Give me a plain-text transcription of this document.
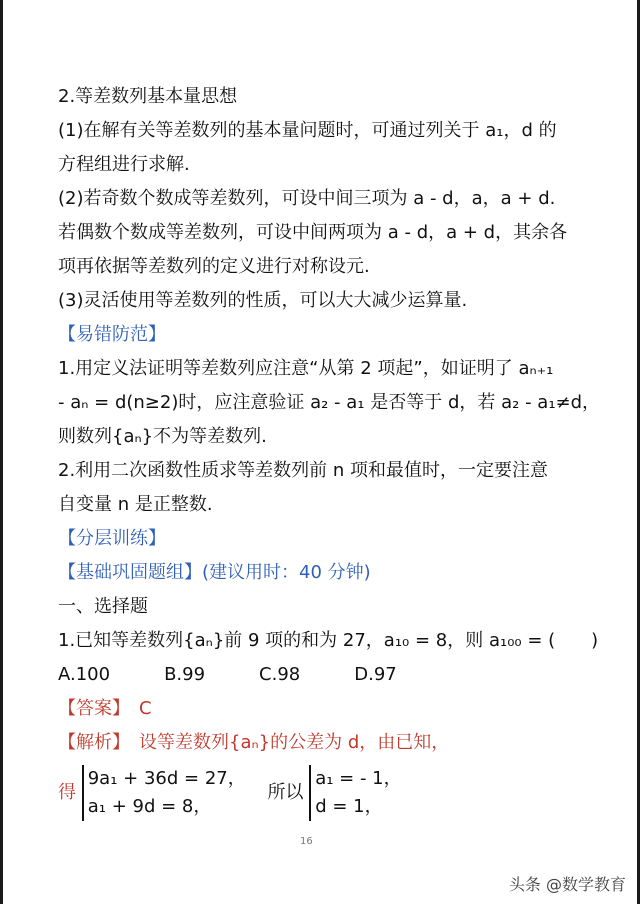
2.等差数列基本量思想
(1)在解有关等差数列的基本量问题时，可通过列关于 a₁，d 的
方程组进行求解.
(2)若奇数个数成等差数列，可设中间三项为 a - d，a，a + d.
若偶数个数成等差数列，可设中间两项为 a - d，a + d，其余各
项再依据等差数列的定义进行对称设元.
(3)灵活使用等差数列的性质，可以大大减少运算量.
【易错防范】
1.用定义法证明等差数列应注意“从第 2 项起”，如证明了 aₙ₊₁
- aₙ = d(n≥2)时，应注意验证 a₂ - a₁ 是否等于 d，若 a₂ - a₁≠d，
则数列{aₙ}不为等差数列.
2.利用二次函数性质求等差数列前 n 项和最值时，一定要注意
自变量 n 是正整数.
【分层训练】
【基础巩固题组】(建议用时：40 分钟)
一、选择题
1.已知等差数列{aₙ}前 9 项的和为 27，a₁₀ = 8，则 a₁₀₀ = (　　)
A.100　　　B.99　　　C.98　　　D.97
【答案】　C
【解析】　设等差数列{aₙ}的公差为 d，由已知，
得
9a₁ + 36d = 27，
a₁ + 9d = 8，
所以
a₁ = - 1，
d = 1，
16
头条 @数学教育
